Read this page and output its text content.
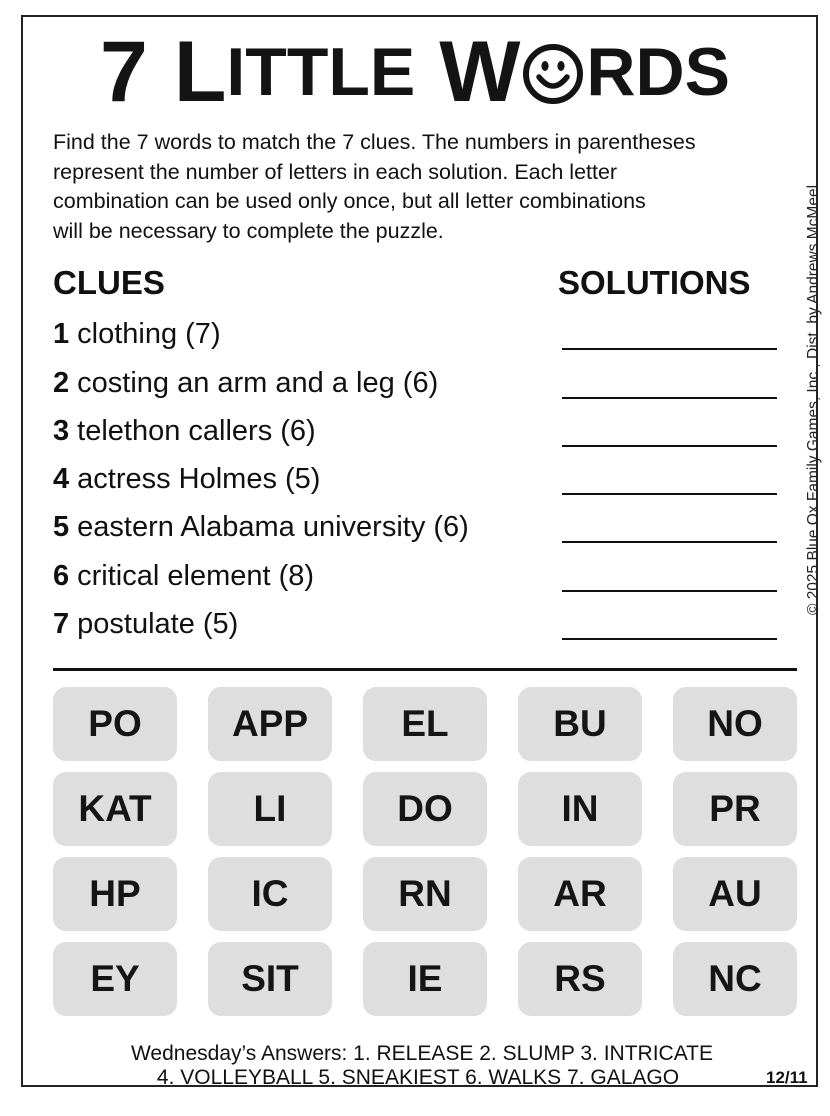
7 L ITTLE W RDS
Find the 7 words to match the 7 clues. The numbers in parentheses
represent the number of letters in each solution. Each letter
combination can be used only once, but all letter combinations
will be necessary to complete the puzzle.
CLUES	SOLUTIONS
1 clothing (7)
2 costing an arm and a leg (6)
3 telethon callers (6)
4 actress Holmes (5)
5 eastern Alabama university (6)
6 critical element (8)
7 postulate (5)
© 2025 Blue Ox Family Games, Inc., Dist. by Andrews McMeel
PO	APP	EL	BU	NO
KAT	LI	DO	IN	PR
HP	IC	RN	AR	AU
EY	SIT	IE	RS	NC
Wednesday’s Answers: 1. RELEASE 2. SLUMP 3. INTRICATE
4. VOLLEYBALL 5. SNEAKIEST 6. WALKS 7. GALAGO	12/11
